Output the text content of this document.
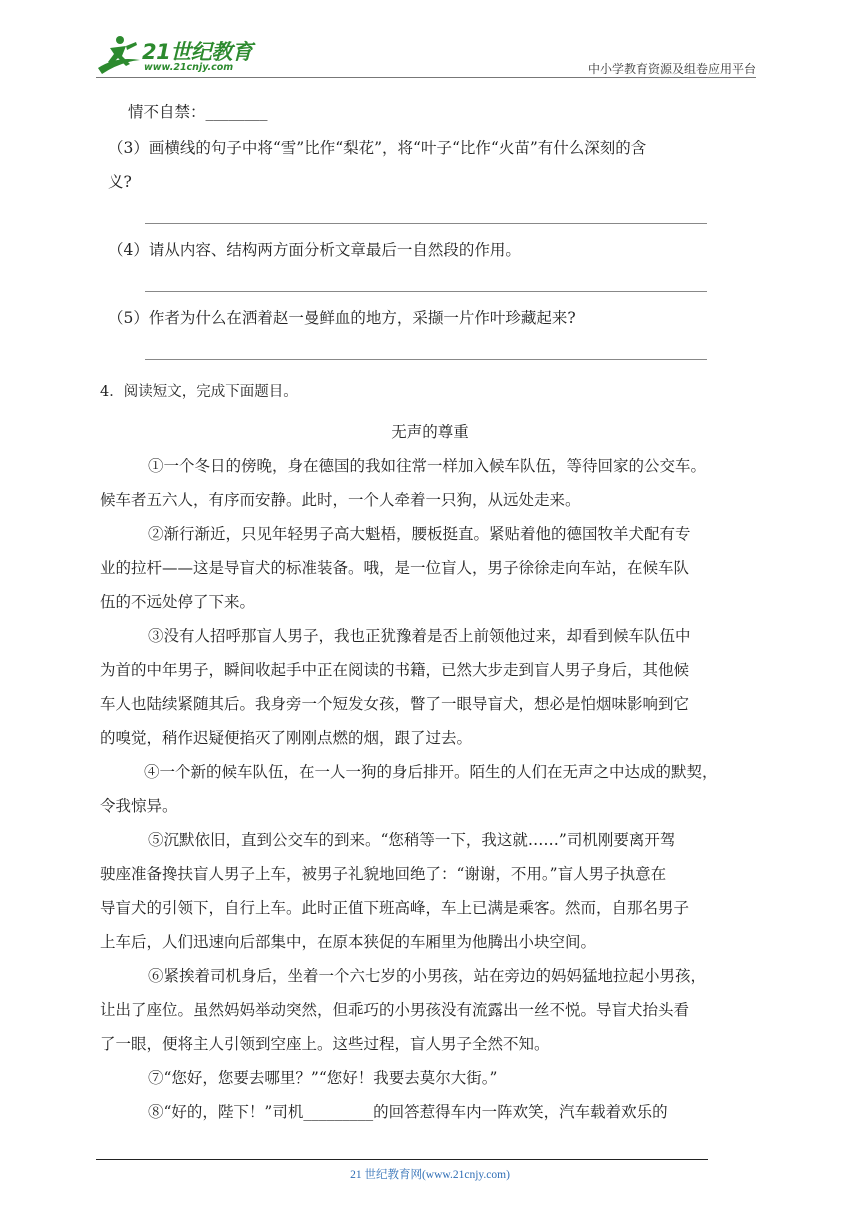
21世纪教育
www.21cnjy.com	中小学教育资源及组卷应用平台
情不自禁：________
（3）画横线的句子中将“雪”比作“梨花”，将“叶子“比作“火苗”有什么深刻的含
义?
（4）请从内容、结构两方面分析文章最后一自然段的作用。
（5）作者为什么在洒着赵一曼鲜血的地方，采撷一片作叶珍藏起来?
4．阅读短文，完成下面题目。
无声的尊重
①一个冬日的傍晚，身在德国的我如往常一样加入候车队伍，等待回家的公交车。
候车者五六人，有序而安静。此时，一个人牵着一只狗，从远处走来。
②渐行渐近，只见年轻男子高大魁梧，腰板挺直。紧贴着他的德国牧羊犬配有专
业的拉杆——这是导盲犬的标准装备。哦，是一位盲人，男子徐徐走向车站，在候车队
伍的不远处停了下来。
③没有人招呼那盲人男子，我也正犹豫着是否上前领他过来，却看到候车队伍中
为首的中年男子，瞬间收起手中正在阅读的书籍，已然大步走到盲人男子身后，其他候
车人也陆续紧随其后。我身旁一个短发女孩，瞥了一眼导盲犬，想必是怕烟味影响到它
的嗅觉，稍作迟疑便掐灭了刚刚点燃的烟，跟了过去。
④一个新的候车队伍，在一人一狗的身后排开。陌生的人们在无声之中达成的默契，
令我惊异。
⑤沉默依旧，直到公交车的到来。“您稍等一下，我这就……”司机刚要离开驾
驶座准备搀扶盲人男子上车，被男子礼貌地回绝了：“谢谢，不用。”盲人男子执意在
导盲犬的引领下，自行上车。此时正值下班高峰，车上已满是乘客。然而，自那名男子
上车后，人们迅速向后部集中，在原本狭促的车厢里为他腾出小块空间。
⑥紧挨着司机身后，坐着一个六七岁的小男孩，站在旁边的妈妈猛地拉起小男孩，
让出了座位。虽然妈妈举动突然，但乖巧的小男孩没有流露出一丝不悦。导盲犬抬头看
了一眼，便将主人引领到空座上。这些过程，盲人男子全然不知。
⑦“您好，您要去哪里？”“您好！我要去莫尔大街。”
⑧“好的，陛下！”司机_________的回答惹得车内一阵欢笑，汽车载着欢乐的
21 世纪教育网(www.21cnjy.com)
